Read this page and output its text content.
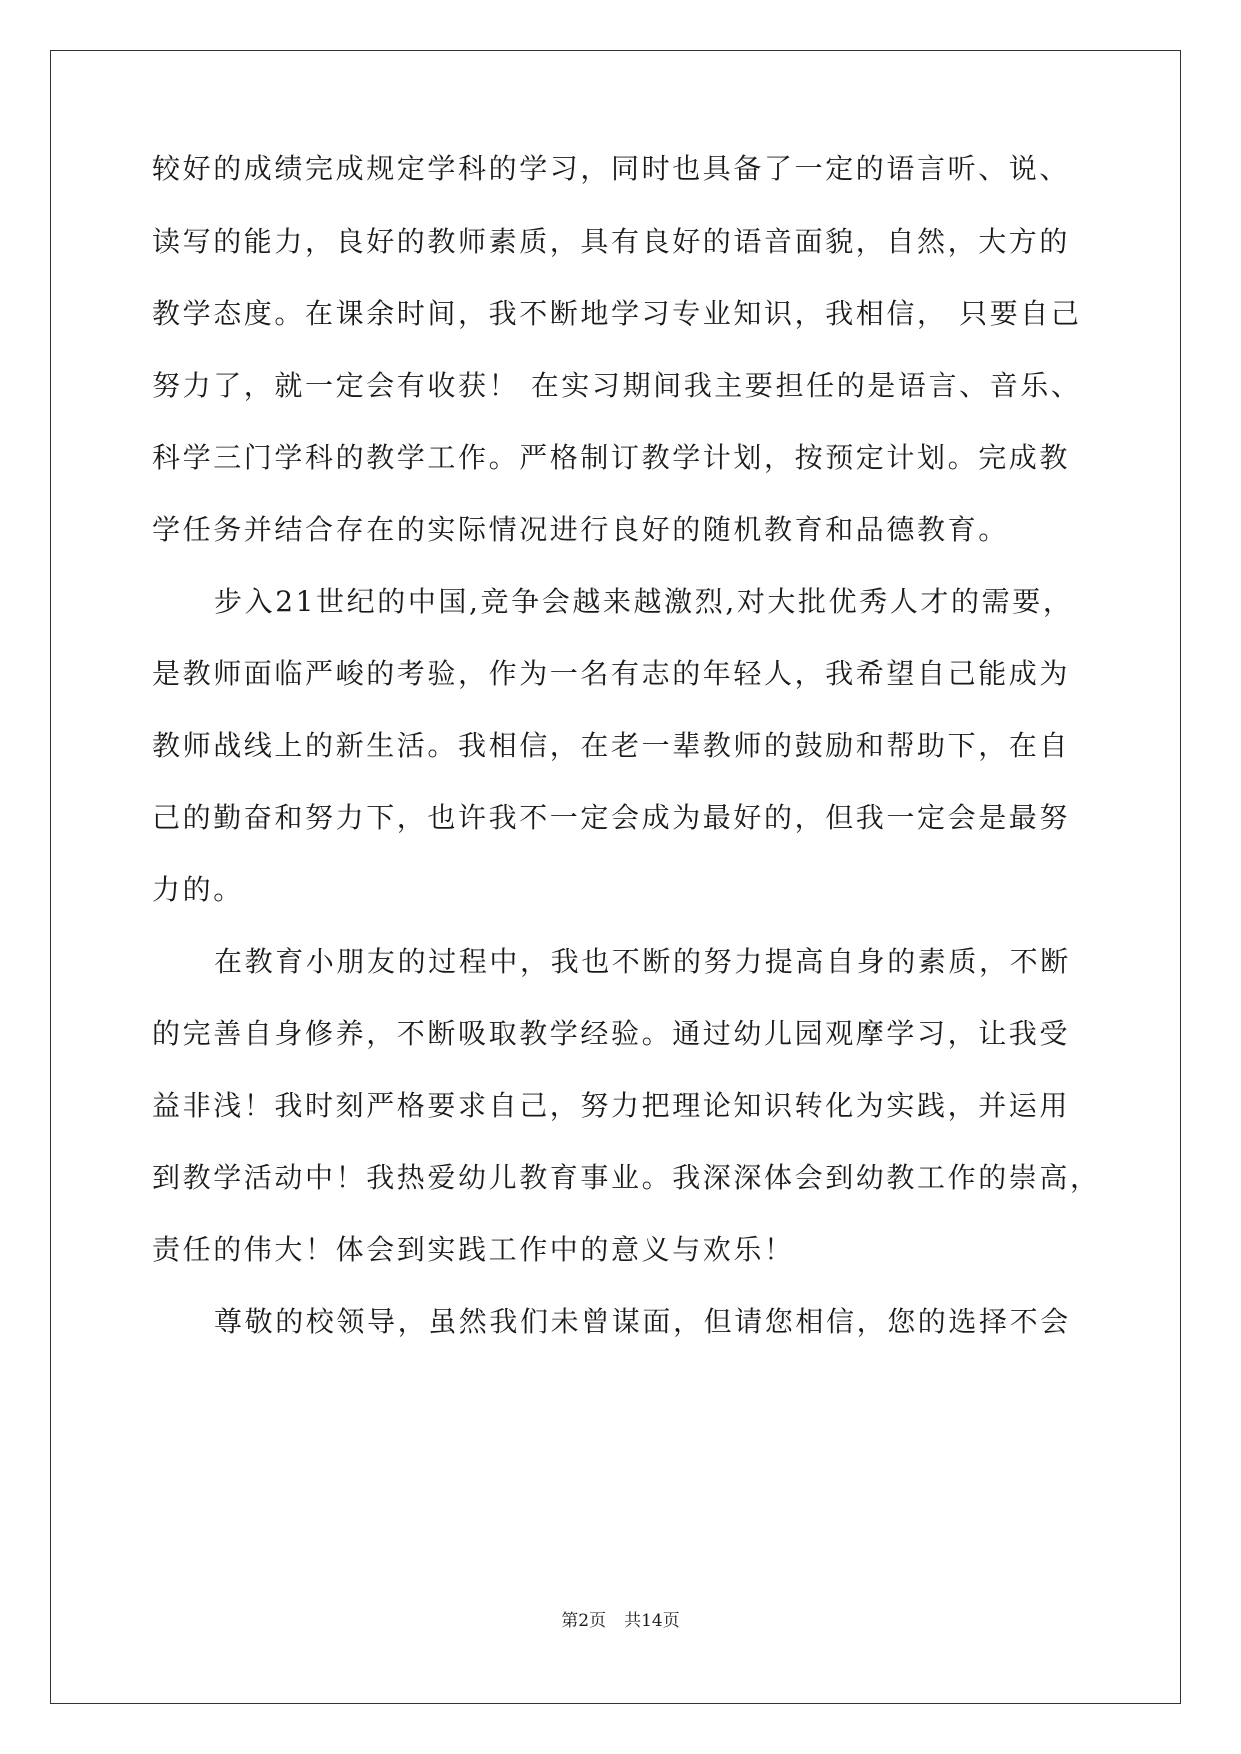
较好的成绩完成规定学科的学习，同时也具备了一定的语言听、说、
读写的能力，良好的教师素质，具有良好的语音面貌，自然，大方的
教学态度。在课余时间，我不断地学习专业知识，我相信， 只要自己
努力了，就一定会有收获！ 在实习期间我主要担任的是语言、音乐、
科学三门学科的教学工作。严格制订教学计划，按预定计划。完成教
学任务并结合存在的实际情况进行良好的随机教育和品德教育。
步入21世纪的中国,竞争会越来越激烈,对大批优秀人才的需要，
是教师面临严峻的考验，作为一名有志的年轻人，我希望自己能成为
教师战线上的新生活。我相信，在老一辈教师的鼓励和帮助下，在自
己的勤奋和努力下，也许我不一定会成为最好的，但我一定会是最努
力的。
在教育小朋友的过程中，我也不断的努力提高自身的素质，不断
的完善自身修养，不断吸取教学经验。通过幼儿园观摩学习，让我受
益非浅！我时刻严格要求自己，努力把理论知识转化为实践，并运用
到教学活动中！我热爱幼儿教育事业。我深深体会到幼教工作的崇高，
责任的伟大！体会到实践工作中的意义与欢乐！
尊敬的校领导，虽然我们未曾谋面，但请您相信，您的选择不会
第2页 共14页
